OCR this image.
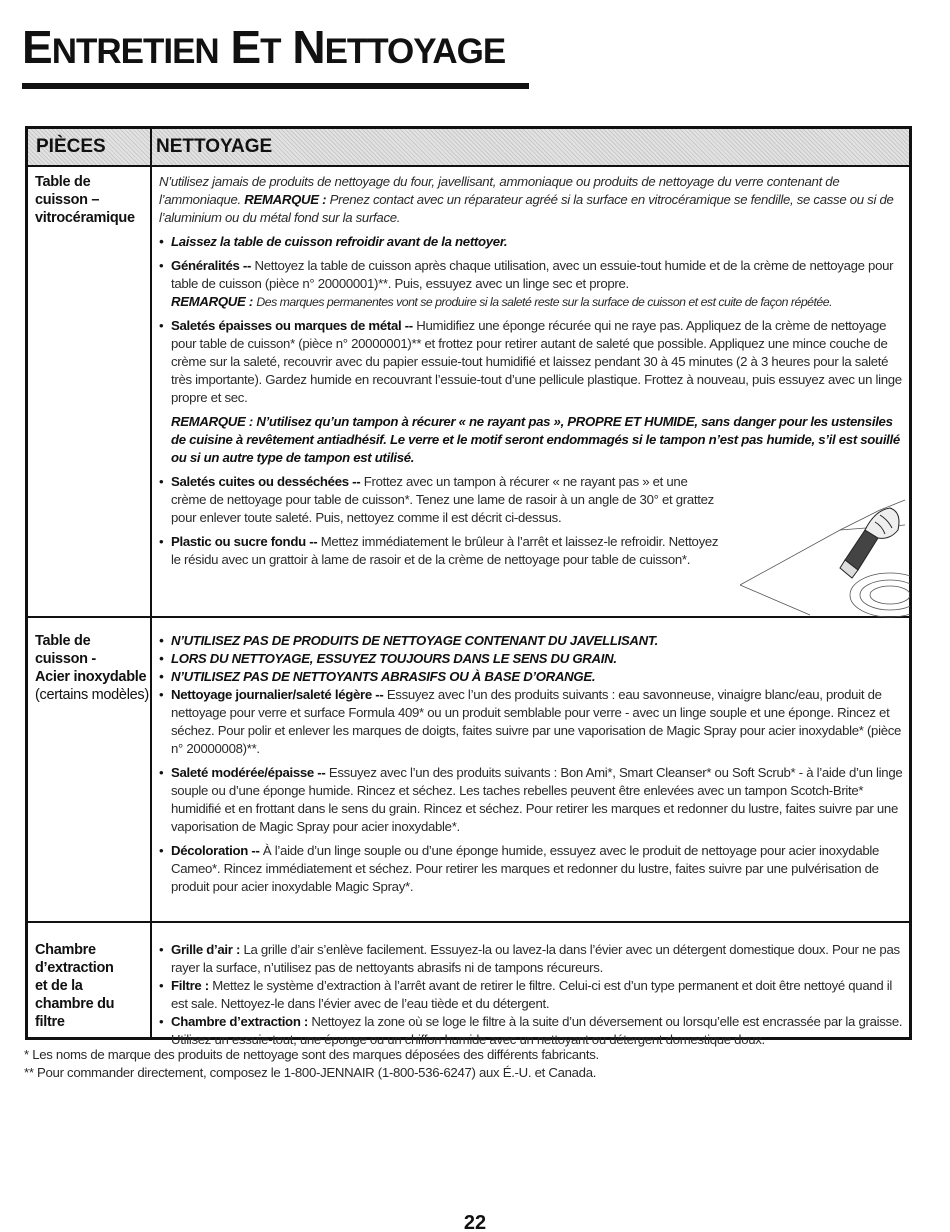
ENTRETIEN ET NETTOYAGE
PIÈCES	NETTOYAGE
Table de
cuisson –
vitrocéramique

N’utilisez jamais de produits de nettoyage du four, javellisant, ammoniaque ou produits de nettoyage du verre contenant de l’ammoniaque. REMARQUE : Prenez contact avec un réparateur agréé si la surface en vitrocéramique se fendille, se casse ou si de l’aluminium ou du métal fond sur la surface.

• Laissez la table de cuisson refroidir avant de la nettoyer.

• Généralités -- Nettoyez la table de cuisson après chaque utilisation, avec un essuie-tout humide et de la crème de nettoyage pour table de cuisson (pièce n° 20000001)**. Puis, essuyez avec un linge sec et propre.
REMARQUE : Des marques permanentes vont se produire si la saleté reste sur la surface de cuisson et est cuite de façon répétée.

• Saletés épaisses ou marques de métal -- Humidifiez une éponge récurée qui ne raye pas. Appliquez de la crème de nettoyage pour table de cuisson* (pièce n° 20000001)** et frottez pour retirer autant de saleté que possible. Appliquez une mince couche de crème sur la saleté, recouvrir avec du papier essuie-tout humidifié et laissez pendant 30 à 45 minutes (2 à 3 heures pour la saleté très importante). Gardez humide en recouvrant l’essuie-tout d’une pellicule plastique. Frottez à nouveau, puis essuyez avec un linge propre et sec.

REMARQUE : N’utilisez qu’un tampon à récurer « ne rayant pas », PROPRE ET HUMIDE, sans danger pour les ustensiles de cuisine à revêtement antiadhésif. Le verre et le motif seront endommagés si le tampon n’est pas humide, s’il est souillé ou si un autre type de tampon est utilisé.

• Saletés cuites ou desséchées -- Frottez avec un tampon à récurer « ne rayant pas » et une crème de nettoyage pour table de cuisson*. Tenez une lame de rasoir à un angle de 30° et grattez pour enlever toute saleté. Puis, nettoyez comme il est décrit ci-dessus.

• Plastic ou sucre fondu -- Mettez immédiatement le brûleur à l’arrêt et laissez-le refroidir. Nettoyez le résidu avec un grattoir à lame de rasoir et de la crème de nettoyage pour table de cuisson*.

Table de
cuisson -
Acier inoxydable
(certains modèles)
• N’UTILISEZ PAS DE PRODUITS DE NETTOYAGE CONTENANT DU JAVELLISANT.
• LORS DU NETTOYAGE, ESSUYEZ TOUJOURS DANS LE SENS DU GRAIN.
• N’UTILISEZ PAS DE NETTOYANTS ABRASIFS OU À BASE D’ORANGE.

• Nettoyage journalier/saleté légère -- Essuyez avec l’un des produits suivants : eau savonneuse, vinaigre blanc/eau, produit de nettoyage pour verre et surface Formula 409* ou un produit semblable pour verre - avec un linge souple et une éponge. Rincez et séchez. Pour polir et enlever les marques de doigts, faites suivre par une vaporisation de Magic Spray pour acier inoxydable* (pièce n° 20000008)**.

• Saleté modérée/épaisse -- Essuyez avec l’un des produits suivants : Bon Ami*, Smart Cleanser* ou Soft Scrub* - à l’aide d’un linge souple ou d’une éponge humide. Rincez et séchez. Les taches rebelles peuvent être enlevées avec un tampon Scotch-Brite* humidifié et en frottant dans le sens du grain. Rincez et séchez. Pour retirer les marques et redonner du lustre, faites suivre par une vaporisation de Magic Spray pour acier inoxydable*.

• Décoloration -- À l’aide d’un linge souple ou d’une éponge humide, essuyez avec le produit de nettoyage pour acier inoxydable Cameo*. Rincez immédiatement et séchez. Pour retirer les marques et redonner du lustre, faites suivre par une pulvérisation de produit pour acier inoxydable Magic Spray*.

Chambre
d’extraction
et de la
chambre du
filtre
• Grille d’air : La grille d’air s’enlève facilement. Essuyez-la ou lavez-la dans l’évier avec un détergent domestique doux. Pour ne pas rayer la surface, n’utilisez pas de nettoyants abrasifs ni de tampons récureurs.
• Filtre : Mettez le système d’extraction à l’arrêt avant de retirer le filtre. Celui-ci est d’un type permanent et doit être nettoyé quand il est sale. Nettoyez-le dans l’évier avec de l’eau tiède et du détergent.
• Chambre d’extraction : Nettoyez la zone où se loge le filtre à la suite d’un déversement ou lorsqu’elle est encrassée par la graisse. Utilisez un essuie-tout, une éponge ou un chiffon humide avec un nettoyant ou détergent domestique doux.
* Les noms de marque des produits de nettoyage sont des marques déposées des différents fabricants.
** Pour commander directement, composez le 1-800-JENNAIR (1-800-536-6247) aux É.-U. et Canada.
22
